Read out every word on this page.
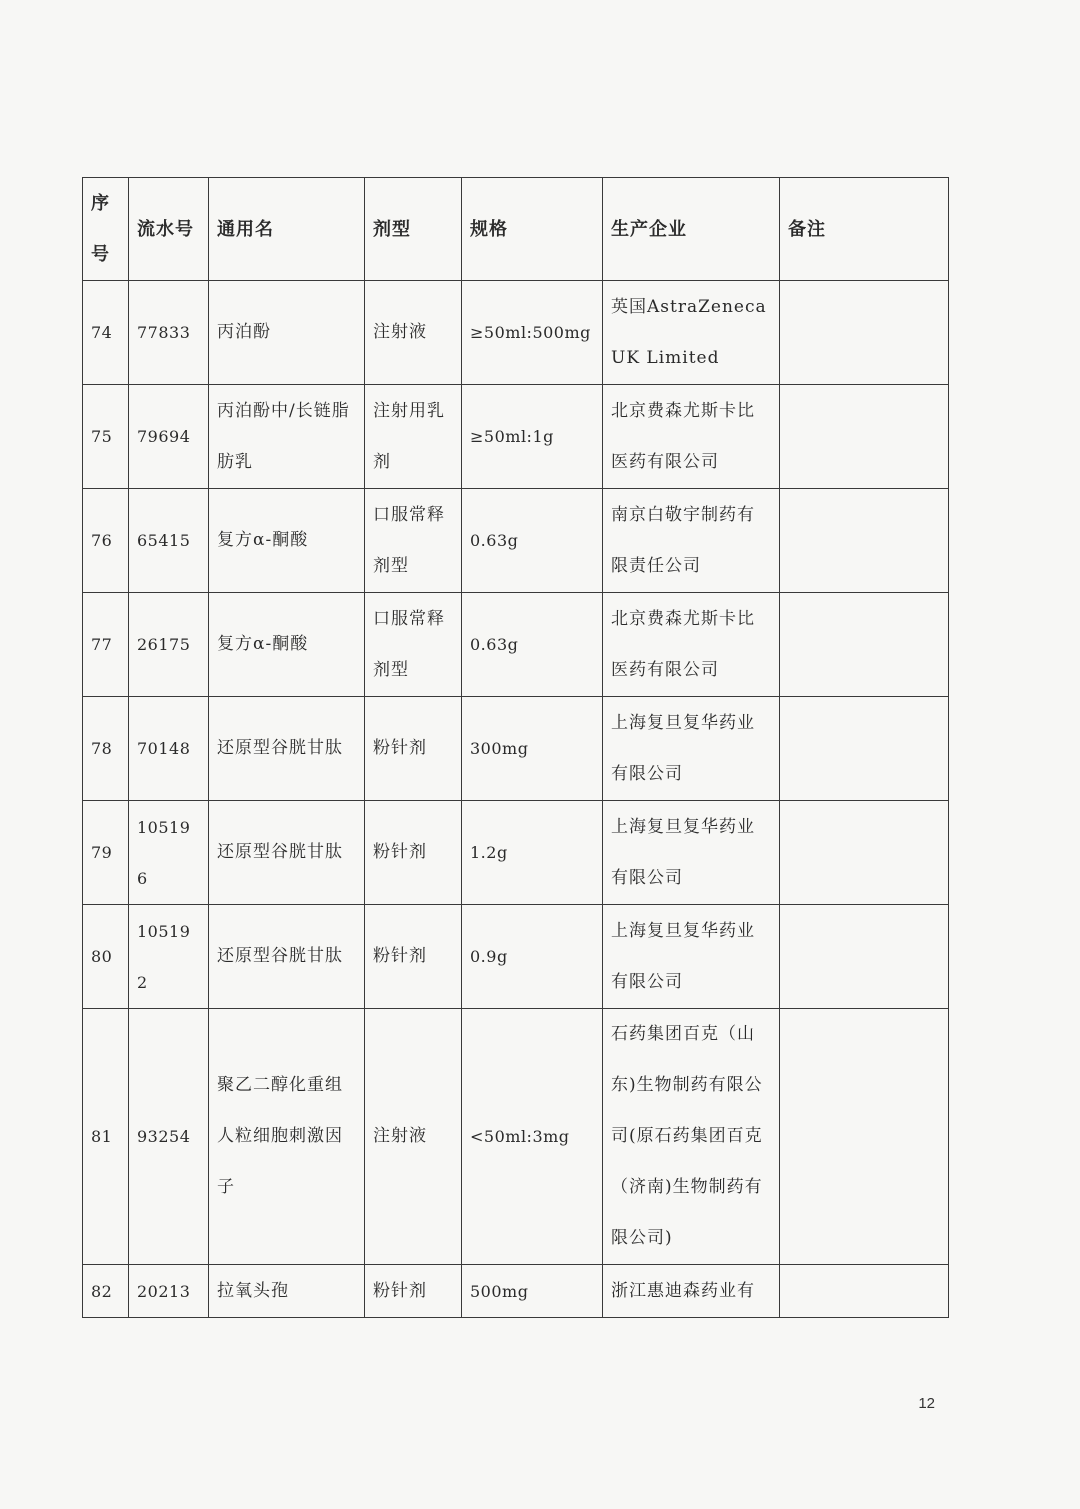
序号	流水号	通用名	剂型	规格	生产企业	备注
74	77833	丙泊酚	注射液	≥50ml:500mg	英国AstraZeneca UK Limited	
75	79694	丙泊酚中/长链脂肪乳	注射用乳剂	≥50ml:1g	北京费森尤斯卡比医药有限公司	
76	65415	复方α-酮酸	口服常释剂型	0.63g	南京白敬宇制药有限责任公司	
77	26175	复方α-酮酸	口服常释剂型	0.63g	北京费森尤斯卡比医药有限公司	
78	70148	还原型谷胱甘肽	粉针剂	300mg	上海复旦复华药业有限公司	
79	105196	还原型谷胱甘肽	粉针剂	1.2g	上海复旦复华药业有限公司	
80	105192	还原型谷胱甘肽	粉针剂	0.9g	上海复旦复华药业有限公司	
81	93254	聚乙二醇化重组人粒细胞刺激因子	注射液	<50ml:3mg	石药集团百克（山东)生物制药有限公司(原石药集团百克（济南)生物制药有限公司)	
82	20213	拉氧头孢	粉针剂	500mg	浙江惠迪森药业有	
12
